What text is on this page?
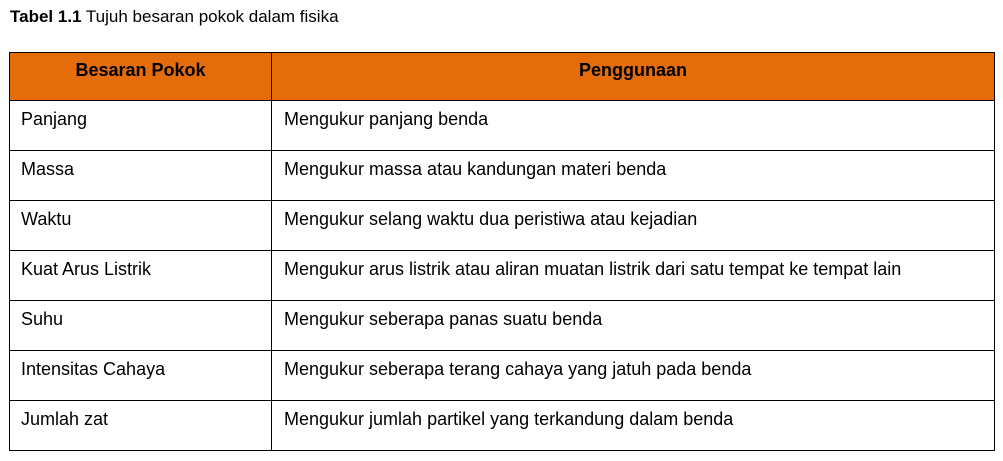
Tabel 1.1 Tujuh besaran pokok dalam fisika
Besaran Pokok	Penggunaan
Panjang	Mengukur panjang benda
Massa	Mengukur massa atau kandungan materi benda
Waktu	Mengukur selang waktu dua peristiwa atau kejadian
Kuat Arus Listrik	Mengukur arus listrik atau aliran muatan listrik dari satu tempat ke tempat lain
Suhu	Mengukur seberapa panas suatu benda
Intensitas Cahaya	Mengukur seberapa terang cahaya yang jatuh pada benda
Jumlah zat	Mengukur jumlah partikel yang terkandung dalam benda
